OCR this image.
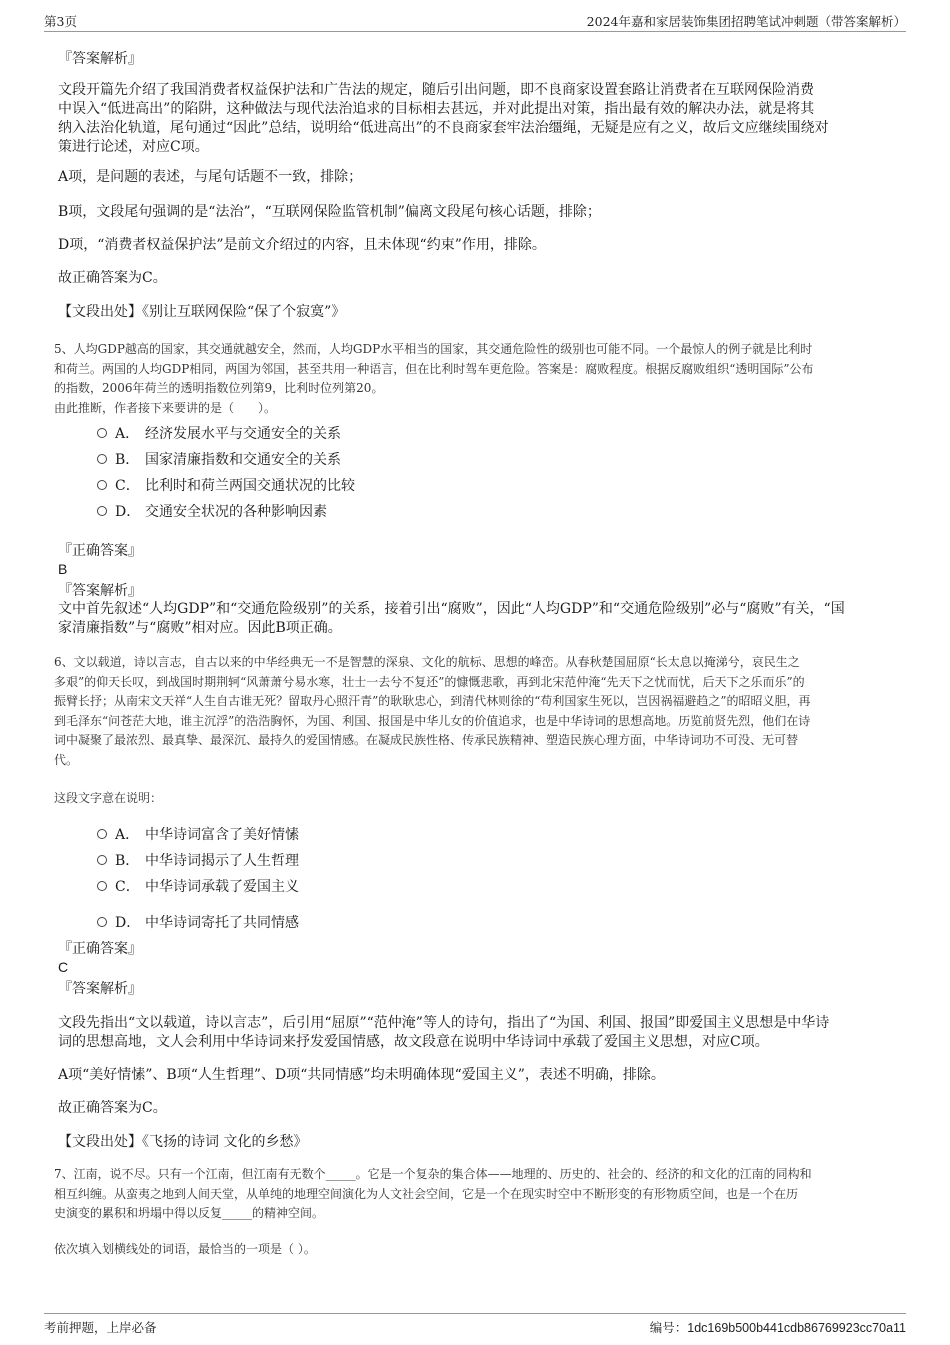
第3页	2024年嘉和家居装饰集团招聘笔试冲刺题（带答案解析）
『答案解析』
文段开篇先介绍了我国消费者权益保护法和广告法的规定，随后引出问题，即不良商家设置套路让消费者在互联网保险消费
中误入“低进高出”的陷阱，这种做法与现代法治追求的目标相去甚远，并对此提出对策，指出最有效的解决办法，就是将其
纳入法治化轨道，尾句通过“因此”总结，说明给“低进高出”的不良商家套牢法治缰绳，无疑是应有之义，故后文应继续围绕对
策进行论述，对应C项。
A项，是问题的表述，与尾句话题不一致，排除；
B项，文段尾句强调的是“法治”，“互联网保险监管机制”偏离文段尾句核心话题，排除；
D项，“消费者权益保护法”是前文介绍过的内容，且未体现“约束”作用，排除。
故正确答案为C。
【文段出处】《别让互联网保险“保了个寂寞”》
5、人均GDP越高的国家，其交通就越安全，然而，人均GDP水平相当的国家，其交通危险性的级别也可能不同。一个最惊人的例子就是比利时
和荷兰。两国的人均GDP相同，两国为邻国，甚至共用一种语言，但在比利时驾车更危险。答案是：腐败程度。根据反腐败组织“透明国际”公布
的指数，2006年荷兰的透明指数位列第9，比利时位列第20。
由此推断，作者接下来要讲的是（　　）。
A． 经济发展水平与交通安全的关系
B． 国家清廉指数和交通安全的关系
C． 比利时和荷兰两国交通状况的比较
D． 交通安全状况的各种影响因素
『正确答案』
B
『答案解析』
文中首先叙述“人均GDP”和“交通危险级别”的关系，接着引出“腐败”，因此“人均GDP”和“交通危险级别”必与“腐败”有关，“国
家清廉指数”与“腐败”相对应。因此B项正确。
6、文以载道，诗以言志，自古以来的中华经典无一不是智慧的深泉、文化的航标、思想的峰峦。从春秋楚国屈原“长太息以掩涕兮，哀民生之
多艰”的仰天长叹，到战国时期荆轲“风萧萧兮易水寒，壮士一去兮不复还”的慷慨悲歌，再到北宋范仲淹“先天下之忧而忧，后天下之乐而乐”的
振臂长抒；从南宋文天祥“人生自古谁无死？留取丹心照汗青”的耿耿忠心，到清代林则徐的“苟利国家生死以，岂因祸福避趋之”的昭昭义胆，再
到毛泽东“问苍茫大地，谁主沉浮”的浩浩胸怀，为国、利国、报国是中华儿女的价值追求，也是中华诗词的思想高地。历览前贤先烈，他们在诗
词中凝聚了最浓烈、最真挚、最深沉、最持久的爱国情感。在凝成民族性格、传承民族精神、塑造民族心理方面，中华诗词功不可没、无可替
代。
这段文字意在说明：
A． 中华诗词富含了美好情愫
B． 中华诗词揭示了人生哲理
C． 中华诗词承载了爱国主义
D． 中华诗词寄托了共同情感
『正确答案』
C
『答案解析』
文段先指出“文以载道，诗以言志”，后引用“屈原”“范仲淹”等人的诗句，指出了“为国、利国、报国”即爱国主义思想是中华诗
词的思想高地，文人会利用中华诗词来抒发爱国情感，故文段意在说明中华诗词中承载了爱国主义思想，对应C项。
A项“美好情愫”、B项“人生哲理”、D项“共同情感”均未明确体现“爱国主义”，表述不明确，排除。
故正确答案为C。
【文段出处】《飞扬的诗词 文化的乡愁》
7、江南，说不尽。只有一个江南，但江南有无数个_____。它是一个复杂的集合体——地理的、历史的、社会的、经济的和文化的江南的同构和
相互纠缠。从蛮夷之地到人间天堂，从单纯的地理空间演化为人文社会空间，它是一个在现实时空中不断形变的有形物质空间，也是一个在历
史演变的累积和坍塌中得以反复_____的精神空间。
依次填入划横线处的词语，最恰当的一项是（ ）。
考前押题，上岸必备	编号：1dc169b500b441cdb86769923cc70a11
